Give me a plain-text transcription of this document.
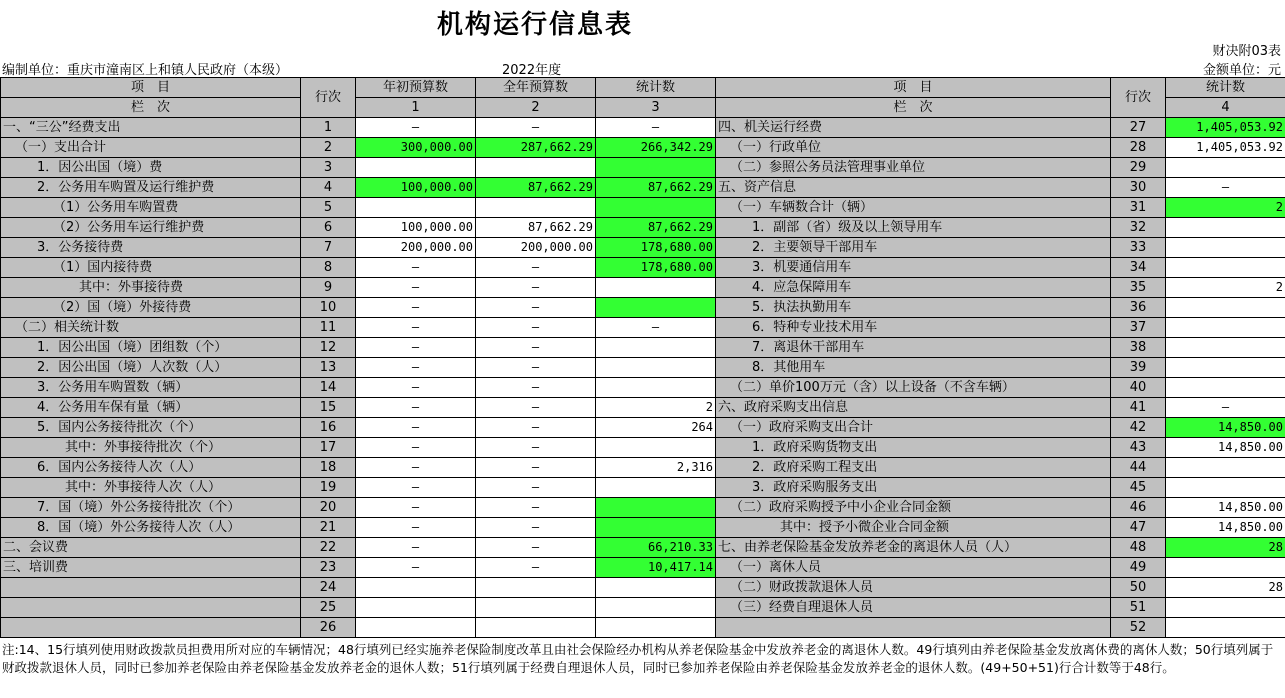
机构运行信息表
财决附03表
编制单位：重庆市潼南区上和镇人民政府（本级）	2022年度	金额单位：元
项　目	行次	年初预算数	全年预算数	统计数	项　目	行次	统计数
栏　次		1	2	3	栏　次		4
一、“三公”经费支出	1	—	—	—	四、机关运行经费	27	1,405,053.92
（一）支出合计	2	300,000.00	287,662.29	266,342.29	（一）行政单位	28	1,405,053.92
1．因公出国（境）费	3				（二）参照公务员法管理事业单位	29	
2．公务用车购置及运行维护费	4	100,000.00	87,662.29	87,662.29	五、资产信息	30	—
（1）公务用车购置费	5				（一）车辆数合计（辆）	31	2
（2）公务用车运行维护费	6	100,000.00	87,662.29	87,662.29	1．副部（省）级及以上领导用车	32	
3．公务接待费	7	200,000.00	200,000.00	178,680.00	2．主要领导干部用车	33	
（1）国内接待费	8	—	—	178,680.00	3．机要通信用车	34	
其中：外事接待费	9	—	—		4．应急保障用车	35	2
（2）国（境）外接待费	10	—	—		5．执法执勤用车	36	
（二）相关统计数	11	—	—	—	6．特种专业技术用车	37	
1．因公出国（境）团组数（个）	12	—	—		7．离退休干部用车	38	
2．因公出国（境）人次数（人）	13	—	—		8．其他用车	39	
3．公务用车购置数（辆）	14	—	—		（二）单价100万元（含）以上设备（不含车辆）	40	
4．公务用车保有量（辆）	15	—	—	2	六、政府采购支出信息	41	—
5．国内公务接待批次（个）	16	—	—	264	（一）政府采购支出合计	42	14,850.00
其中：外事接待批次（个）	17	—	—		1．政府采购货物支出	43	14,850.00
6．国内公务接待人次（人）	18	—	—	2,316	2．政府采购工程支出	44	
其中：外事接待人次（人）	19	—	—		3．政府采购服务支出	45	
7．国（境）外公务接待批次（个）	20	—	—		（二）政府采购授予中小企业合同金额	46	14,850.00
8．国（境）外公务接待人次（人）	21	—	—		其中：授予小微企业合同金额	47	14,850.00
二、会议费	22	—	—	66,210.33	七、由养老保险基金发放养老金的离退休人员（人）	48	28
三、培训费	23	—	—	10,417.14	（一）离休人员	49	
	24				（二）财政拨款退休人员	50	28
	25				（三）经费自理退休人员	51	
	26					52	
注:14、15行填列使用财政拨款员担费用所对应的车辆情况；48行填列已经实施养老保险制度改革且由社会保险经办机构从养老保险基金中发放养老金的离退休人数。49行填列由养老保险基金发放离休费的离休人数；50行填列属于财政拨款退休人员，同时已参加养老保险由养老保险基金发放养老金的退休人数；51行填列属于经费自理退休人员，同时已参加养老保险由养老保险基金发放养老金的退休人数。(49+50+51)行合计数等于48行。
